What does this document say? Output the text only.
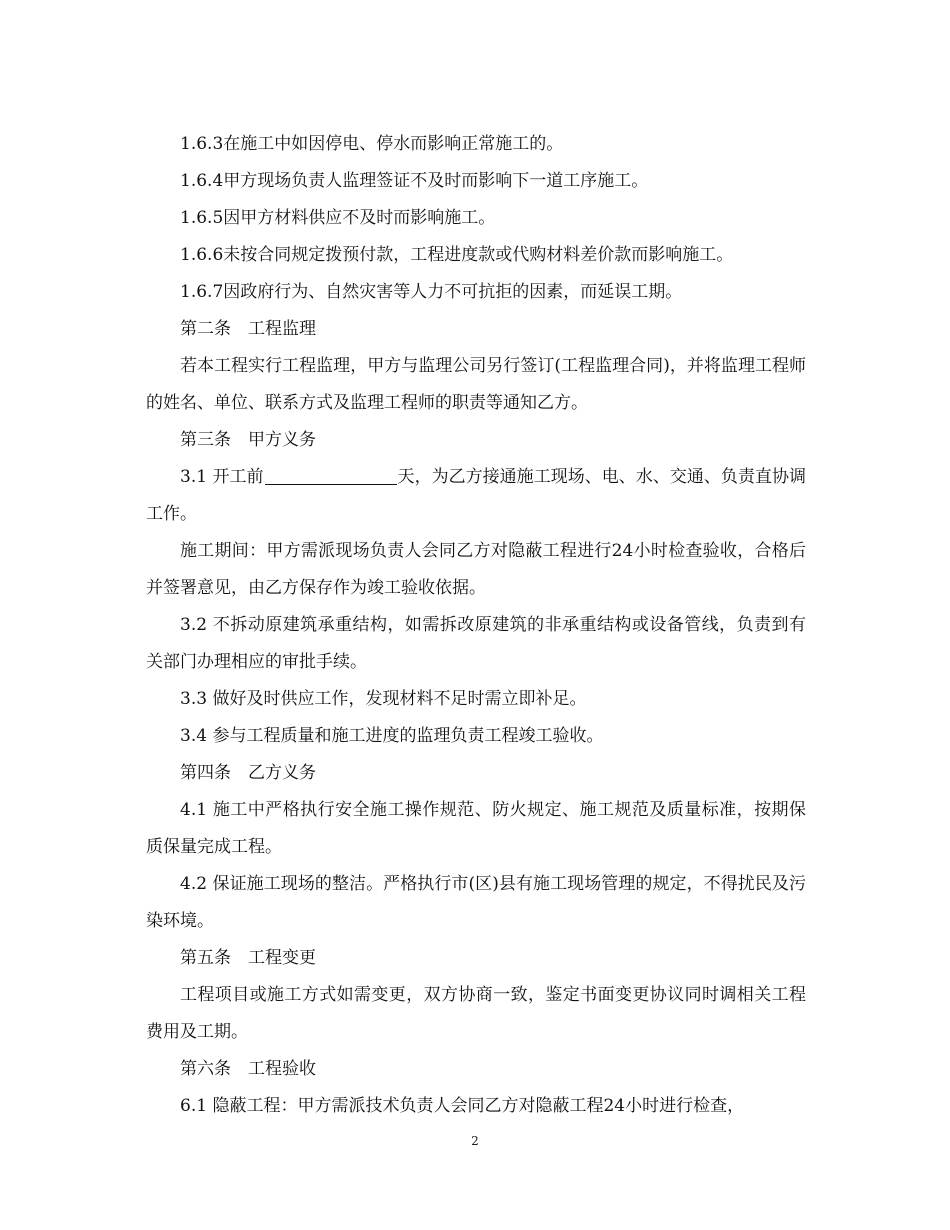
1.6.3在施工中如因停电、停水而影响正常施工的。

1.6.4甲方现场负责人监理签证不及时而影响下一道工序施工。

1.6.5因甲方材料供应不及时而影响施工。

1.6.6未按合同规定拨预付款，工程进度款或代购材料差价款而影响施工。

1.6.7因政府行为、自然灾害等人力不可抗拒的因素，而延误工期。

第二条　工程监理

若本工程实行工程监理，甲方与监理公司另行签订(工程监理合同)，并将监理工程师的姓名、单位、联系方式及监理工程师的职责等通知乙方。

第三条　甲方义务

3.1 开工前	天，为乙方接通施工现场、电、水、交通、负责直协调工作。

施工期间：甲方需派现场负责人会同乙方对隐蔽工程进行24小时检查验收，合格后并签署意见，由乙方保存作为竣工验收依据。

3.2 不拆动原建筑承重结构，如需拆改原建筑的非承重结构或设备管线，负责到有关部门办理相应的审批手续。

3.3 做好及时供应工作，发现材料不足时需立即补足。

3.4 参与工程质量和施工进度的监理负责工程竣工验收。

第四条　乙方义务

4.1 施工中严格执行安全施工操作规范、防火规定、施工规范及质量标准，按期保质保量完成工程。

4.2 保证施工现场的整洁。严格执行市(区)县有施工现场管理的规定，不得扰民及污染环境。

第五条　工程变更

工程项目或施工方式如需变更，双方协商一致，鉴定书面变更协议同时调相关工程费用及工期。

第六条　工程验收

6.1 隐蔽工程：甲方需派技术负责人会同乙方对隐蔽工程24小时进行检查，

2
